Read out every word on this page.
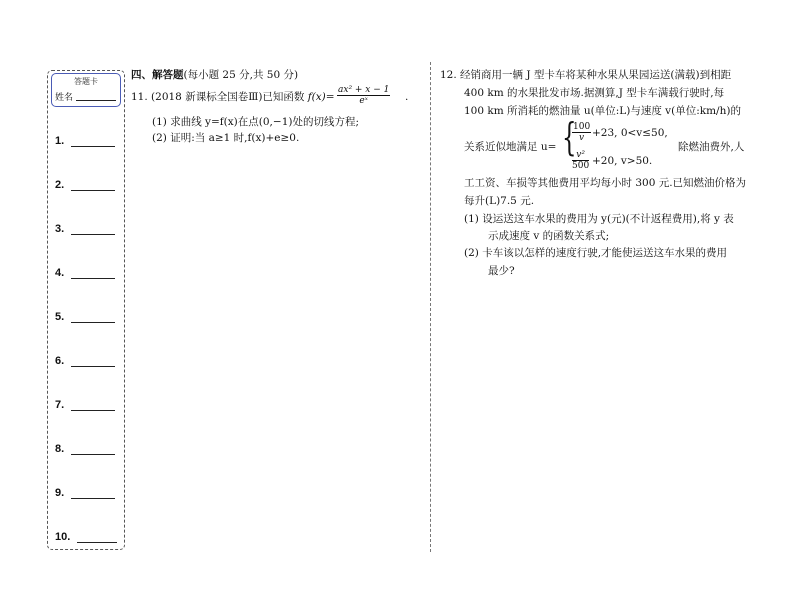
答题卡
姓名
1.
2.
3.
4.
5.
6.
7.
8.
9.
10.
四、解答题(每小题 25 分,共 50 分)
11. (2018 新课标全国卷Ⅲ)已知函数 $f(x)= \frac{\text{ax² + x − 1}}{\text{eˣ}}$ .
(1) 求曲线 y=f(x)在点(0,−1)处的切线方程;
(2) 证明:当 a≥1 时,f(x)+e≥0.
12. 经销商用一辆 J 型卡车将某种水果从果园运送(满载)到相距
400 km 的水果批发市场.据测算,J 型卡车满载行驶时,每
100 km 所消耗的燃油量 u(单位:L)与速度 v(单位:km/h)的
关系近似地满足 u= {
$\frac{100}{v} +23$, 0<v≤50,
$\frac{\text{v²}}{500} +20$, v>50.
除燃油费外,人
工工资、车损等其他费用平均每小时 300 元.已知燃油价格为
每升(L)7.5 元.
(1) 设运送这车水果的费用为 y(元)(不计返程费用),将 y 表
示成速度 v 的函数关系式;
(2) 卡车该以怎样的速度行驶,才能使运送这车水果的费用
最少?
